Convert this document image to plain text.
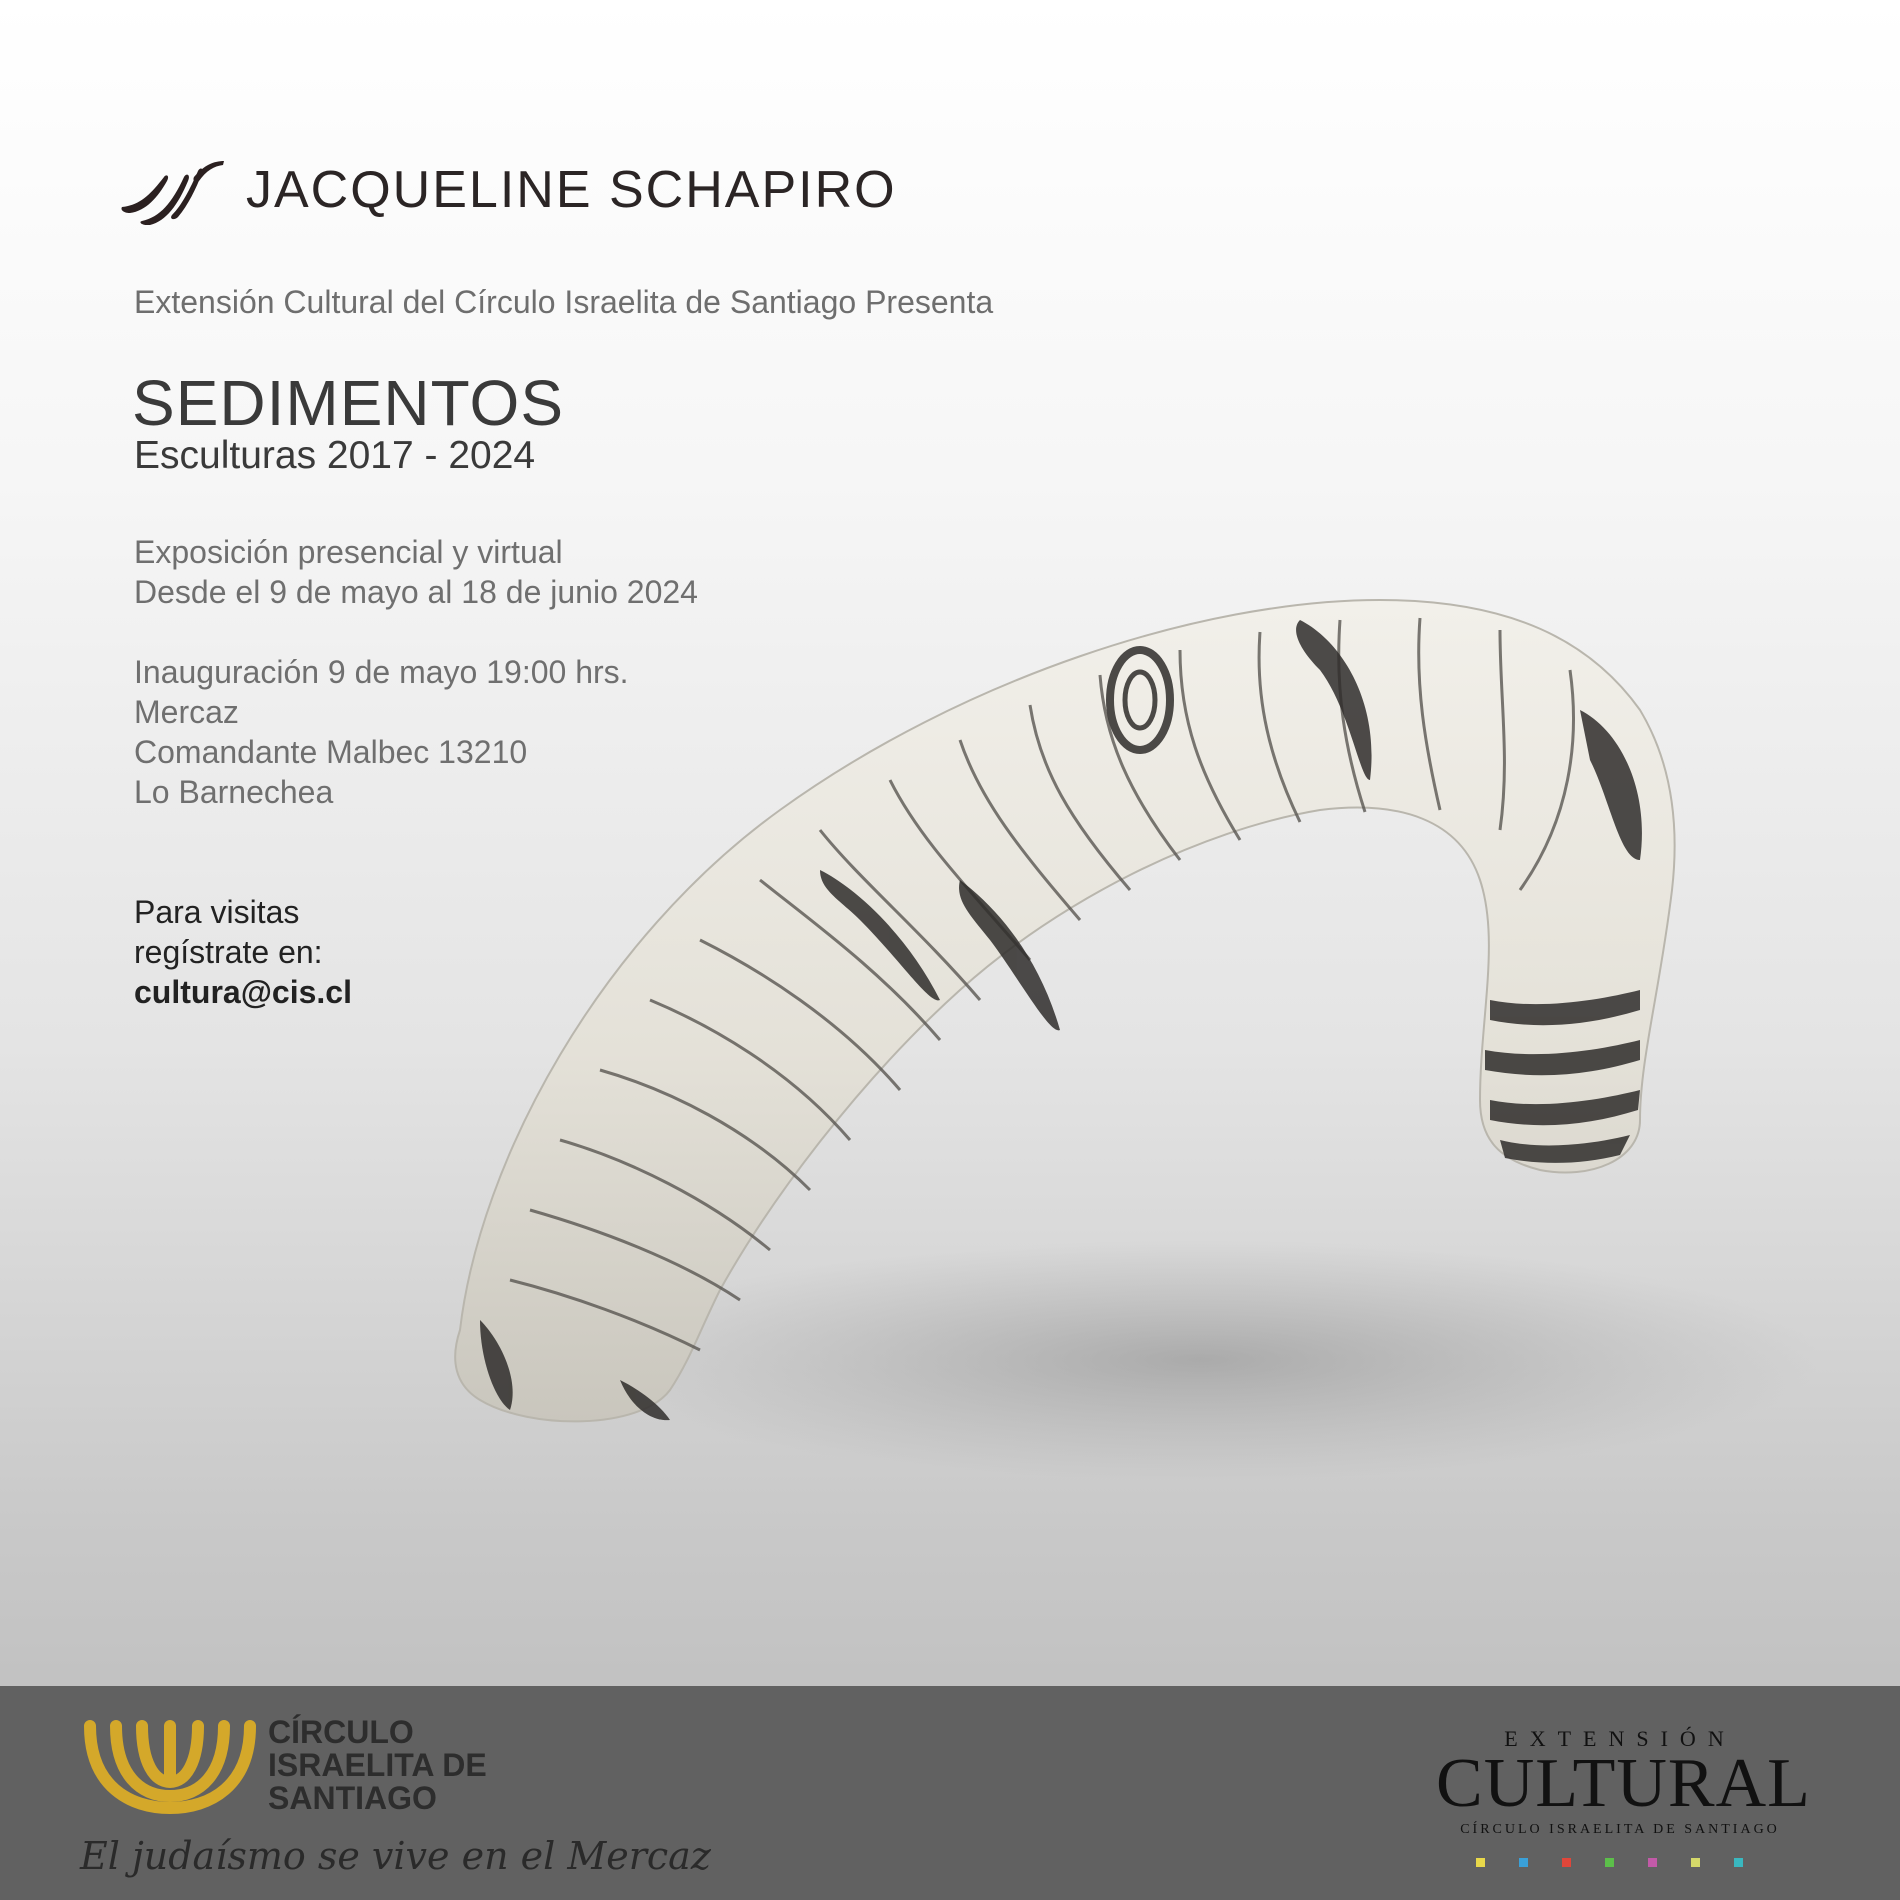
JACQUELINE SCHAPIRO
Extensión Cultural del Círculo Israelita de Santiago Presenta
SEDIMENTOS
Esculturas 2017 - 2024
Exposición presencial y virtual
Desde el 9 de mayo al 18 de junio 2024
Inauguración 9 de mayo 19:00 hrs.
Mercaz
Comandante Malbec 13210
Lo Barnechea
Para visitas
regístrate en:
cultura@cis.cl
CÍRCULO
ISRAELITA DE
SANTIAGO
El judaísmo se vive en el Mercaz
EXTENSIÓN
CULTURAL
CÍRCULO ISRAELITA DE SANTIAGO
